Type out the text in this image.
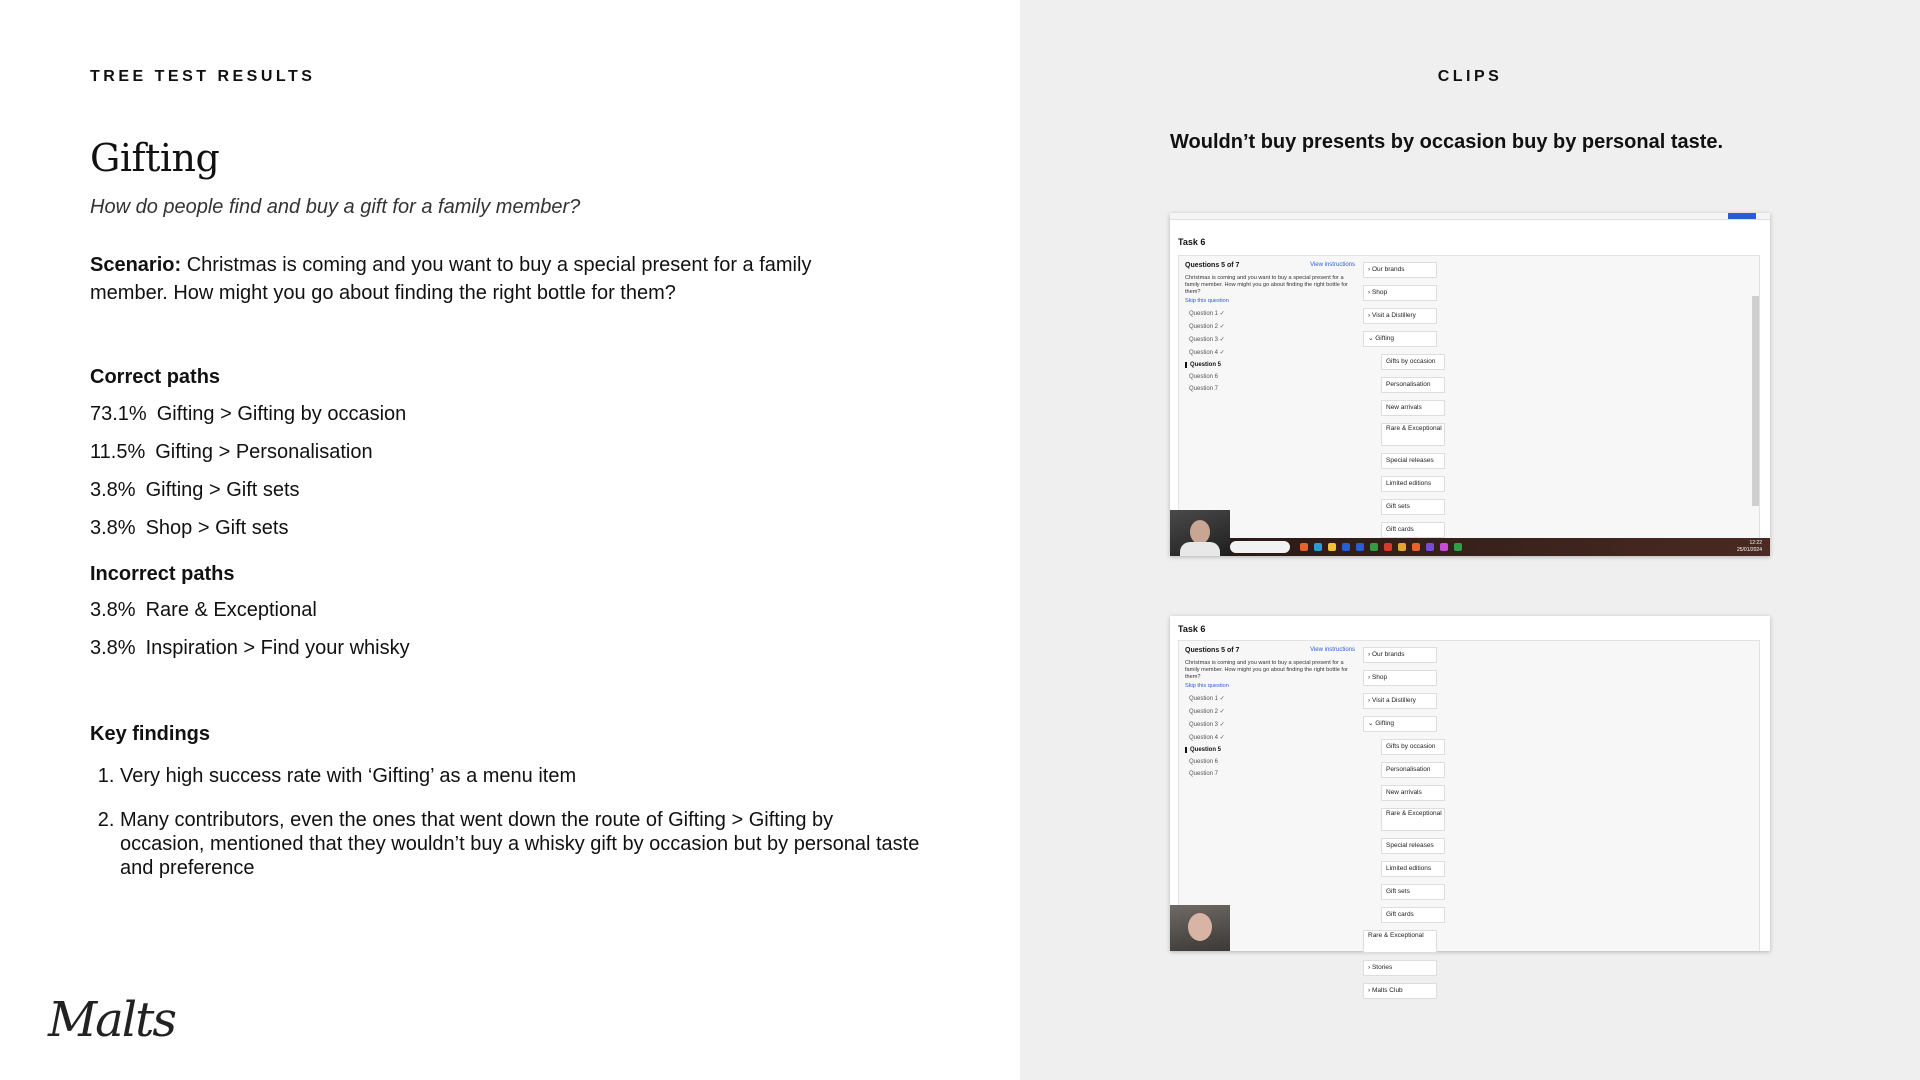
TREE TEST RESULTS
Gifting
How do people find and buy a gift for a family member?
Scenario: Christmas is coming and you want to buy a special present for a family member. How might you go about finding the right bottle for them?
Correct paths
73.1% Gifting > Gifting by occasion
11.5% Gifting > Personalisation
3.8% Gifting > Gift sets
3.8% Shop > Gift sets
Incorrect paths
3.8% Rare & Exceptional
3.8% Inspiration > Find your whisky
Key findings
1. Very high success rate with ‘Gifting’ as a menu item
2. Many contributors, even the ones that went down the route of Gifting > Gifting by occasion, mentioned that they wouldn’t buy a whisky gift by occasion but by personal taste and preference
Malts
CLIPS
Wouldn’t buy presents by occasion buy by personal taste.
Task 6
Questions 5 of 7	View instructions
Christmas is coming and you want to buy a special present for a family member. How might you go about finding the right bottle for them?
Skip this question
Question 1 ✓
Question 2 ✓
Question 3 ✓
Question 4 ✓
Question 5
Question 6
Question 7
› Our brands
› Shop
› Visit a Distillery
⌄ Gifting
Gifts by occasion
Personalisation
New arrivals
Rare & Exceptional
Special releases
Limited editions
Gift sets
Gift cards
12:22
25/01/2024
Task 6
Questions 5 of 7	View instructions
Christmas is coming and you want to buy a special present for a family member. How might you go about finding the right bottle for them?
Skip this question
Question 1 ✓
Question 2 ✓
Question 3 ✓
Question 4 ✓
Question 5
Question 6
Question 7
› Our brands
› Shop
› Visit a Distillery
⌄ Gifting
Gifts by occasion
Personalisation
New arrivals
Rare & Exceptional
Special releases
Limited editions
Gift sets
Gift cards
Rare & Exceptional
› Stories
› Malts Club
